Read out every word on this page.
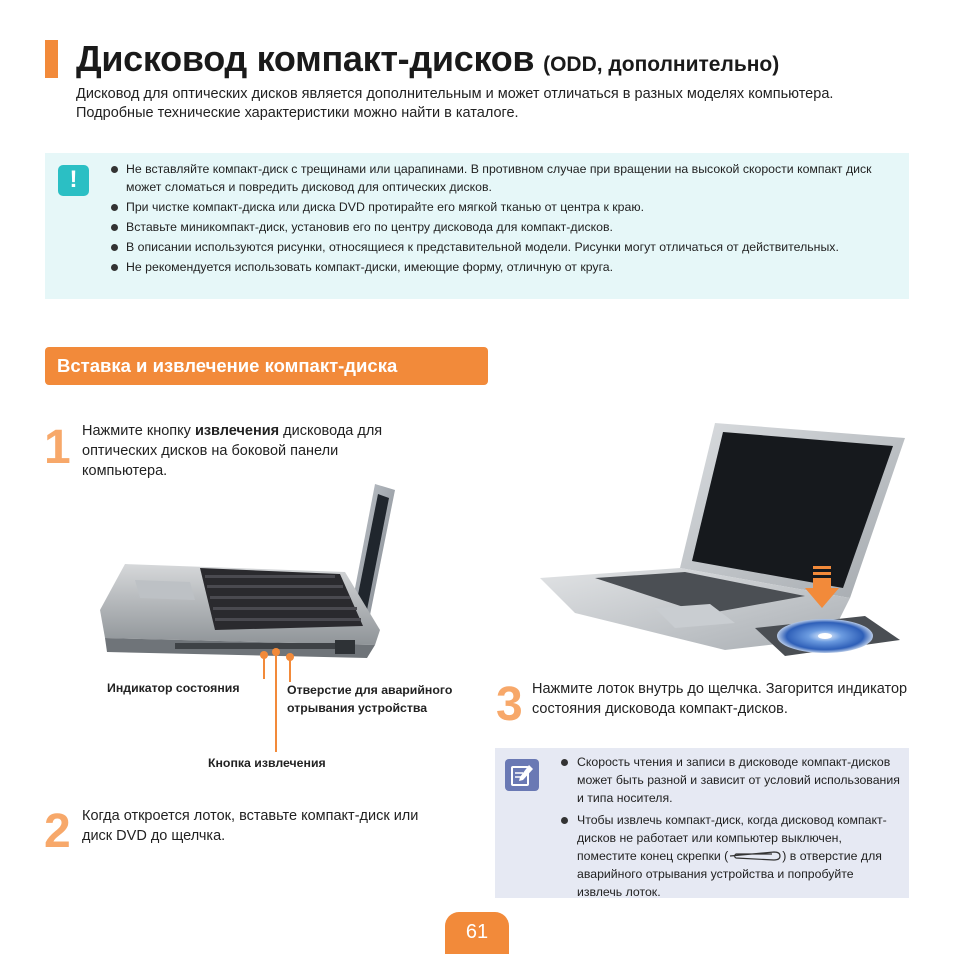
Дисковод компакт-дисков (ODD, дополнительно)

Дисковод для оптических дисков является дополнительным и может отличаться в разных моделях компьютера. Подробные технические характеристики можно найти в каталоге.

!	Не вставляйте компакт-диск с трещинами или царапинами. В противном случае при вращении на высокой скорости компакт диск может сломаться и повредить дисковод для оптических дисков.
При чистке компакт-диска или диска DVD протирайте его мягкой тканью от центра к краю.
Вставьте миникомпакт-диск, установив его по центру дисковода для компакт-дисков.
В описании используются рисунки, относящиеся к представительной модели. Рисунки могут отличаться от действительных.
Не рекомендуется использовать компакт-диски, имеющие форму, отличную от круга.
Вставка и извлечение компакт-диска
1 Нажмите кнопку извлечения дисковода для оптических дисков на боковой панели компьютера.

Индикатор состояния	Отверстие для аварийного отрывания устройства
Кнопка извлечения
2 Когда откроется лоток, вставьте компакт-диск или диск DVD до щелчка.

3 Нажмите лоток внутрь до щелчка. Загорится индикатор состояния дисковода компакт-дисков.

Скорость чтения и записи в дисководе компакт-дисков может быть разной и зависит от условий использования и типа носителя.
Чтобы извлечь компакт-диск, когда дисковод компакт-дисков не работает или компьютер выключен, поместите конец скрепки (	) в отверстие для аварийного отрывания устройства и попробуйте извлечь лоток.
61
